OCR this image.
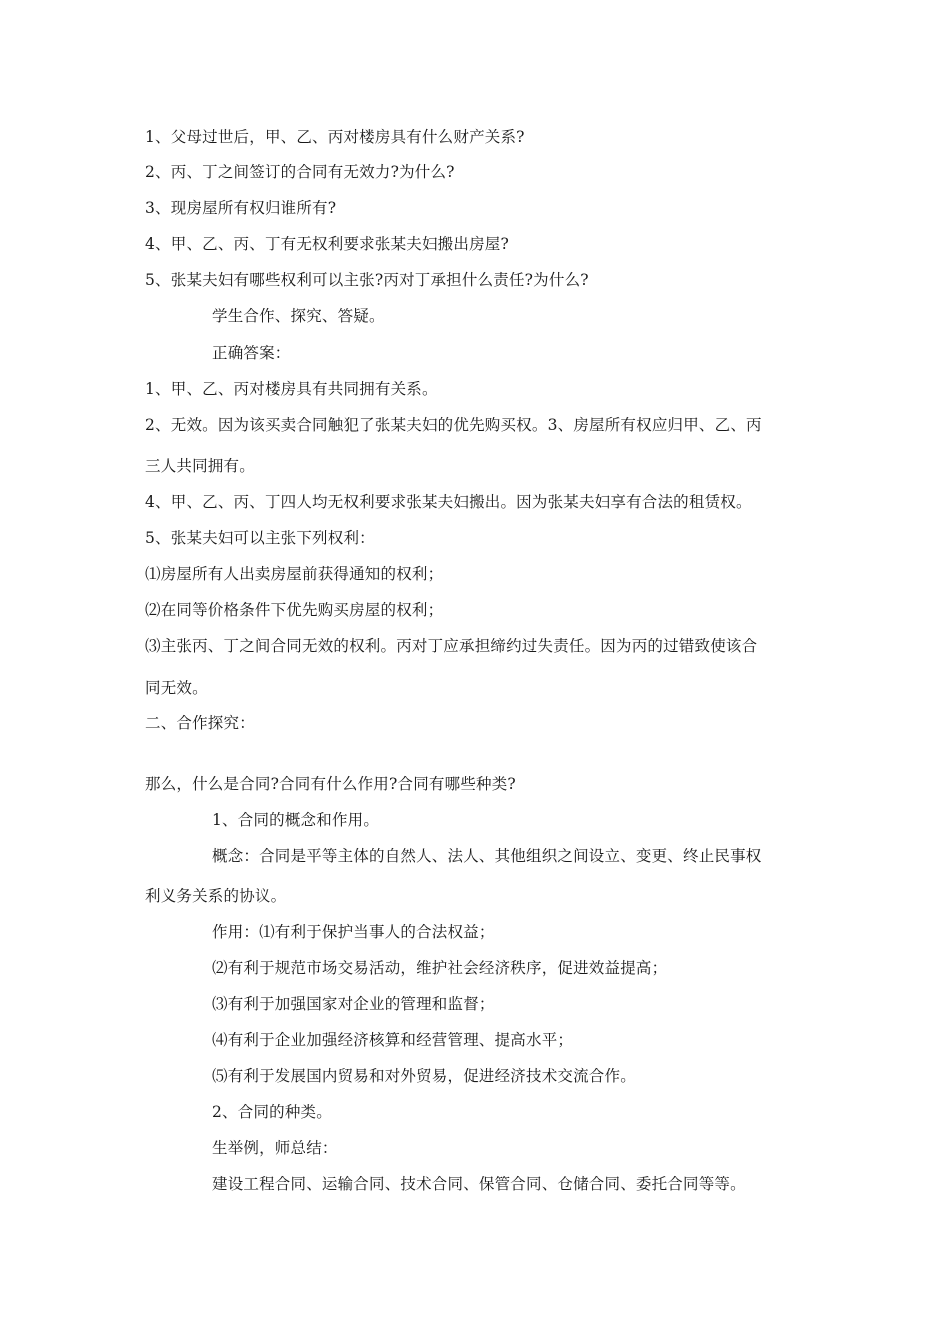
1、父母过世后，甲、乙、丙对楼房具有什么财产关系?
2、丙、丁之间签订的合同有无效力?为什么?
3、现房屋所有权归谁所有?
4、甲、乙、丙、丁有无权利要求张某夫妇搬出房屋?
5、张某夫妇有哪些权利可以主张?丙对丁承担什么责任?为什么?
学生合作、探究、答疑。
正确答案：
1、甲、乙、丙对楼房具有共同拥有关系。
2、无效。因为该买卖合同触犯了张某夫妇的优先购买权。3、房屋所有权应归甲、乙、丙
三人共同拥有。
4、甲、乙、丙、丁四人均无权利要求张某夫妇搬出。因为张某夫妇享有合法的租赁权。
5、张某夫妇可以主张下列权利：
⑴房屋所有人出卖房屋前获得通知的权利；
⑵在同等价格条件下优先购买房屋的权利；
⑶主张丙、丁之间合同无效的权利。丙对丁应承担缔约过失责任。因为丙的过错致使该合
同无效。
二、合作探究：
那么，什么是合同?合同有什么作用?合同有哪些种类?
1、合同的概念和作用。
概念：合同是平等主体的自然人、法人、其他组织之间设立、变更、终止民事权
利义务关系的协议。
作用：⑴有利于保护当事人的合法权益；
⑵有利于规范市场交易活动，维护社会经济秩序，促进效益提高；
⑶有利于加强国家对企业的管理和监督；
⑷有利于企业加强经济核算和经营管理、提高水平；
⑸有利于发展国内贸易和对外贸易，促进经济技术交流合作。
2、合同的种类。
生举例，师总结：
建设工程合同、运输合同、技术合同、保管合同、仓储合同、委托合同等等。
